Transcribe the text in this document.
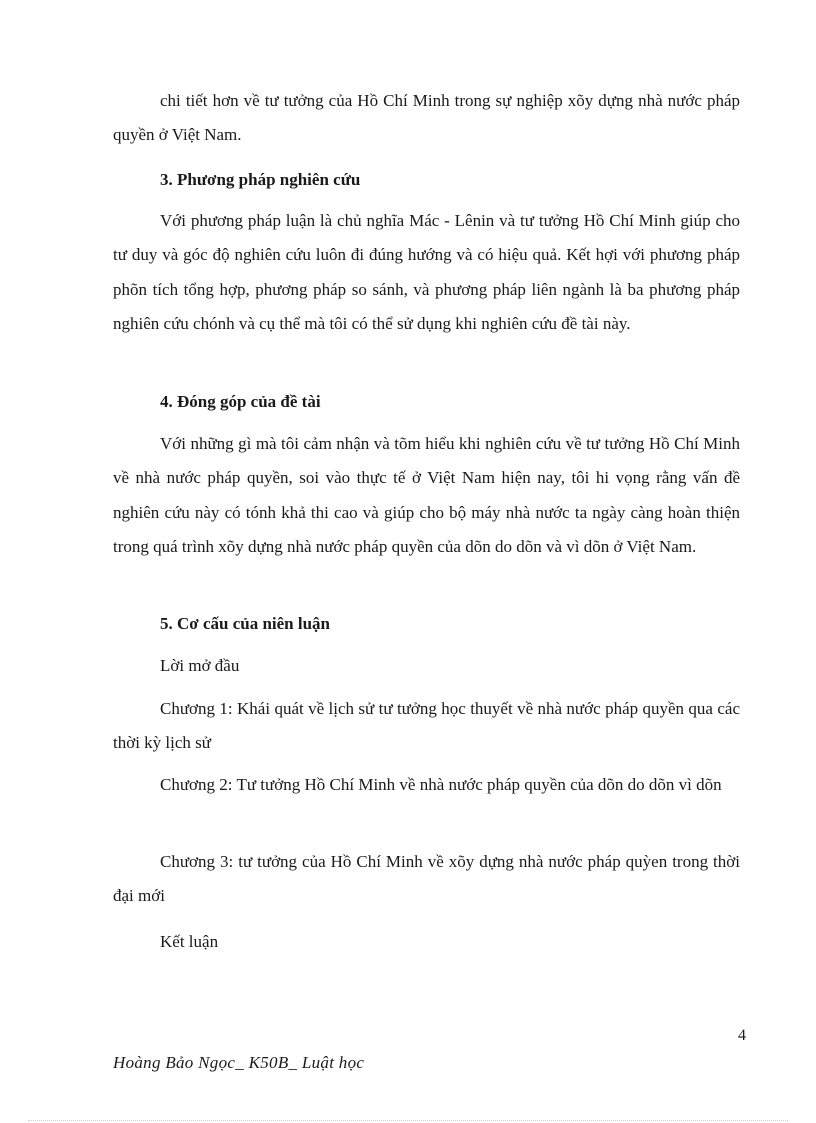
chi tiết hơn về tư tưởng của Hồ Chí Minh trong sự nghiệp xõy dựng nhà nước pháp quyền ở Việt Nam.

3. Phương pháp nghiên cứu

Với phương pháp luận là chủ nghĩa Mác - Lênin và tư tưởng Hồ Chí Minh giúp cho tư duy và góc độ nghiên cứu luôn đi đúng hướng và có hiệu quả. Kết hợi với phương pháp phõn tích tổng hợp, phương pháp so sánh, và phương pháp liên ngành là ba phương pháp nghiên cứu chónh và cụ thể mà tôi có thể sử dụng khi nghiên cứu đề tài này.

4. Đóng góp của đề tài

Với những gì mà tôi cảm nhận và tõm hiểu khi nghiên cứu về tư tưởng Hồ Chí Minh về nhà nước pháp quyền, soi vào thực tế ở Việt Nam hiện nay, tôi hi vọng rằng vấn đề nghiên cứu này có tónh khả thi cao và giúp cho bộ máy nhà nước ta ngày càng hoàn thiện trong quá trình xõy dựng nhà nước pháp quyền của dõn do dõn và vì dõn ở Việt Nam.

5. Cơ cấu của niên luận

Lời mở đầu

Chương 1: Khái quát về lịch sử tư tưởng học thuyết về nhà nước pháp quyền qua các thời kỳ lịch sử

Chương 2: Tư tưởng Hồ Chí Minh về nhà nước pháp quyền của dõn do dõn vì dõn

Chương 3: tư tưởng của Hồ Chí Minh về xõy dựng nhà nước pháp quỳen trong thời đại mới

Kết luận

4
Hoàng Bảo Ngọc_ K50B_ Luật học
